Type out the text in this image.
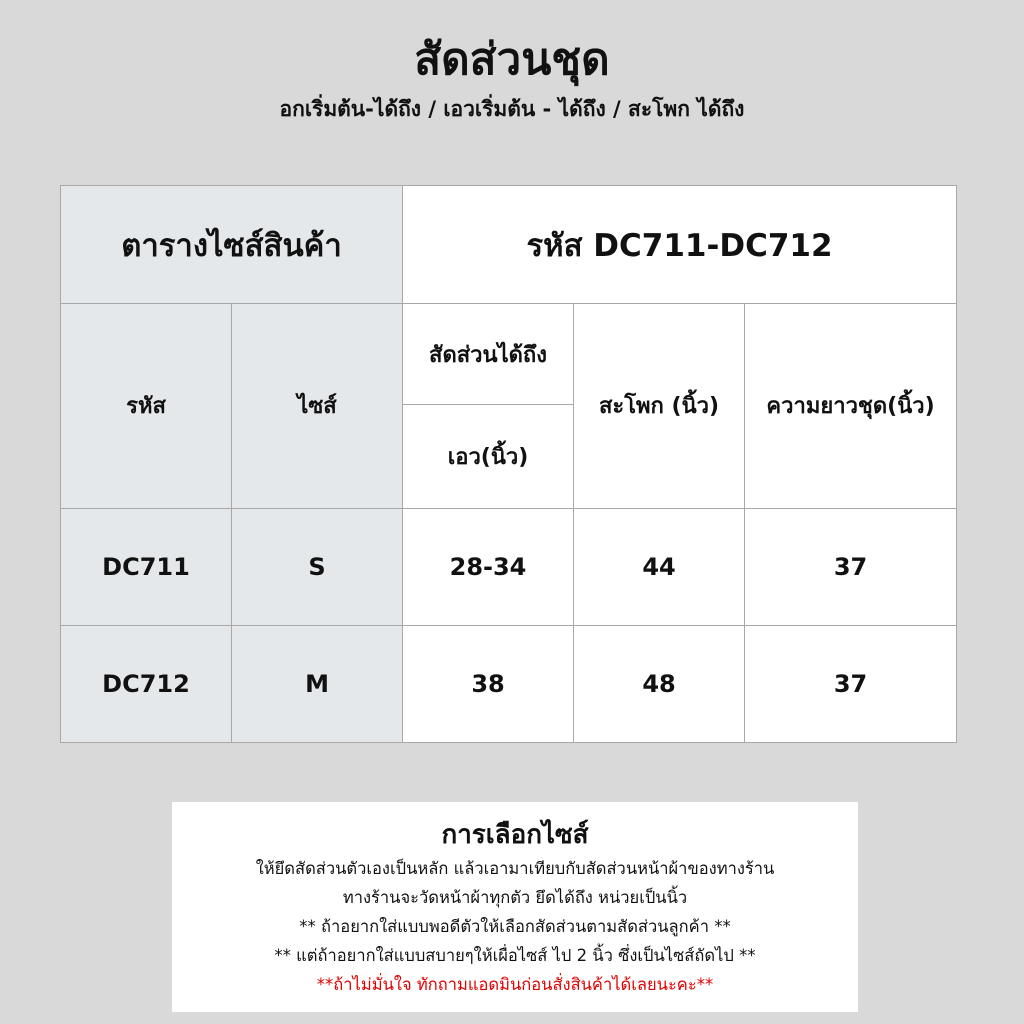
สัดส่วนชุด
อกเริ่มต้น-ได้ถึง / เอวเริ่มต้น - ได้ถึง / สะโพก ได้ถึง
ตารางไซส์สินค้า		รหัส DC711-DC712		
รหัส	ไซส์	สัดส่วนได้ถึง	สะโพก (นิ้ว)	ความยาวชุด(นิ้ว)
		เอว(นิ้ว)		
DC711	S	28-34	44	37
DC712	M	38	48	37
การเลือกไซส์
ให้ยึดสัดส่วนตัวเองเป็นหลัก แล้วเอามาเทียบกับสัดส่วนหน้าผ้าของทางร้าน
ทางร้านจะวัดหน้าผ้าทุกตัว ยึดได้ถึง หน่วยเป็นนิ้ว
** ถ้าอยากใส่แบบพอดีตัวให้เลือกสัดส่วนตามสัดส่วนลูกค้า **
** แต่ถ้าอยากใส่แบบสบายๆให้เผื่อไซส์ ไป 2 นิ้ว ซึ่งเป็นไซส์ถัดไป **
**ถ้าไม่มั่นใจ ทักถามแอดมินก่อนสั่งสินค้าได้เลยนะคะ**
